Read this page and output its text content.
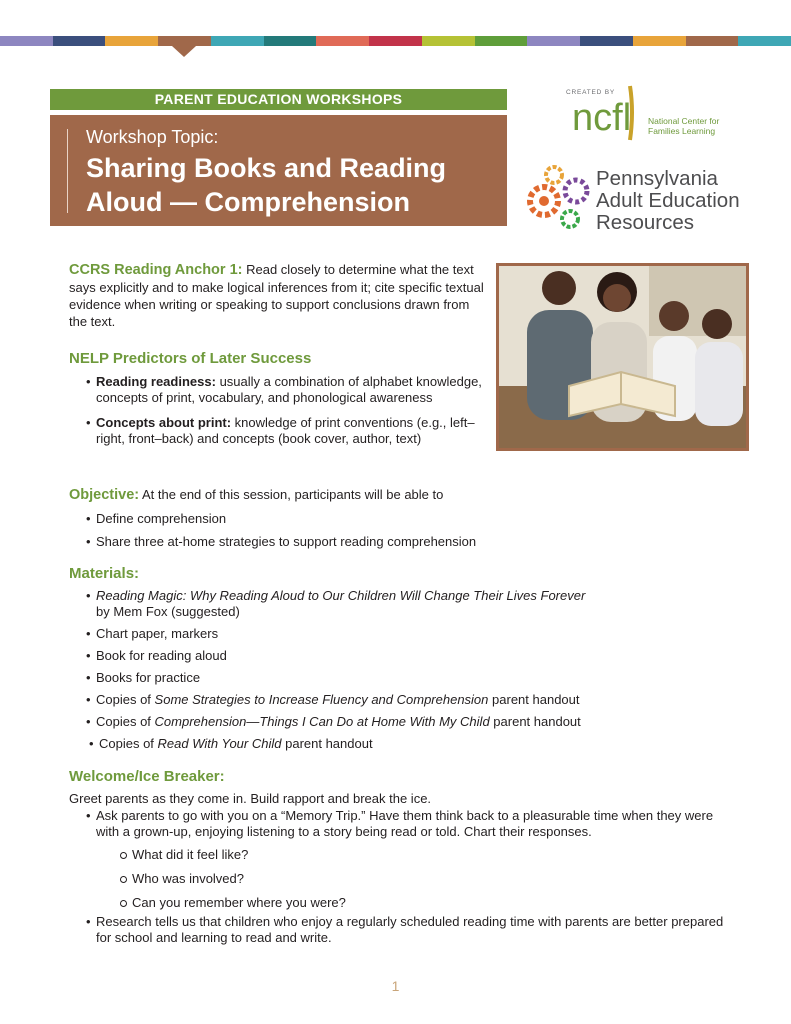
PARENT EDUCATION WORKSHOPS
Workshop Topic:
Sharing Books and Reading Aloud — Comprehension
CREATED BY
ncfl National Center for
Families Learning
Pennsylvania
Adult Education
Resources
CCRS Reading Anchor 1: Read closely to determine what the text says explicitly and to make logical inferences from it; cite specific textual evidence when writing or speaking to support conclusions drawn from the text.
NELP Predictors of Later Success
• Reading readiness: usually a combination of alphabet knowledge, concepts of print, vocabulary, and phonological awareness
• Concepts about print: knowledge of print conventions (e.g., left–right, front–back) and concepts (book cover, author, text)
Objective: At the end of this session, participants will be able to
• Define comprehension
• Share three at-home strategies to support reading comprehension
Materials:
• Reading Magic: Why Reading Aloud to Our Children Will Change Their Lives Forever
by Mem Fox (suggested)
• Chart paper, markers
• Book for reading aloud
• Books for practice
• Copies of Some Strategies to Increase Fluency and Comprehension parent handout
• Copies of Comprehension—Things I Can Do at Home With My Child parent handout
• Copies of Read With Your Child parent handout
Welcome/Ice Breaker:
Greet parents as they come in. Build rapport and break the ice.
• Ask parents to go with you on a “Memory Trip.” Have them think back to a pleasurable time when they were with a grown-up, enjoying listening to a story being read or told. Chart their responses.
What did it feel like?
Who was involved?
Can you remember where you were?
• Research tells us that children who enjoy a regularly scheduled reading time with parents are better prepared for school and learning to read and write.
1
